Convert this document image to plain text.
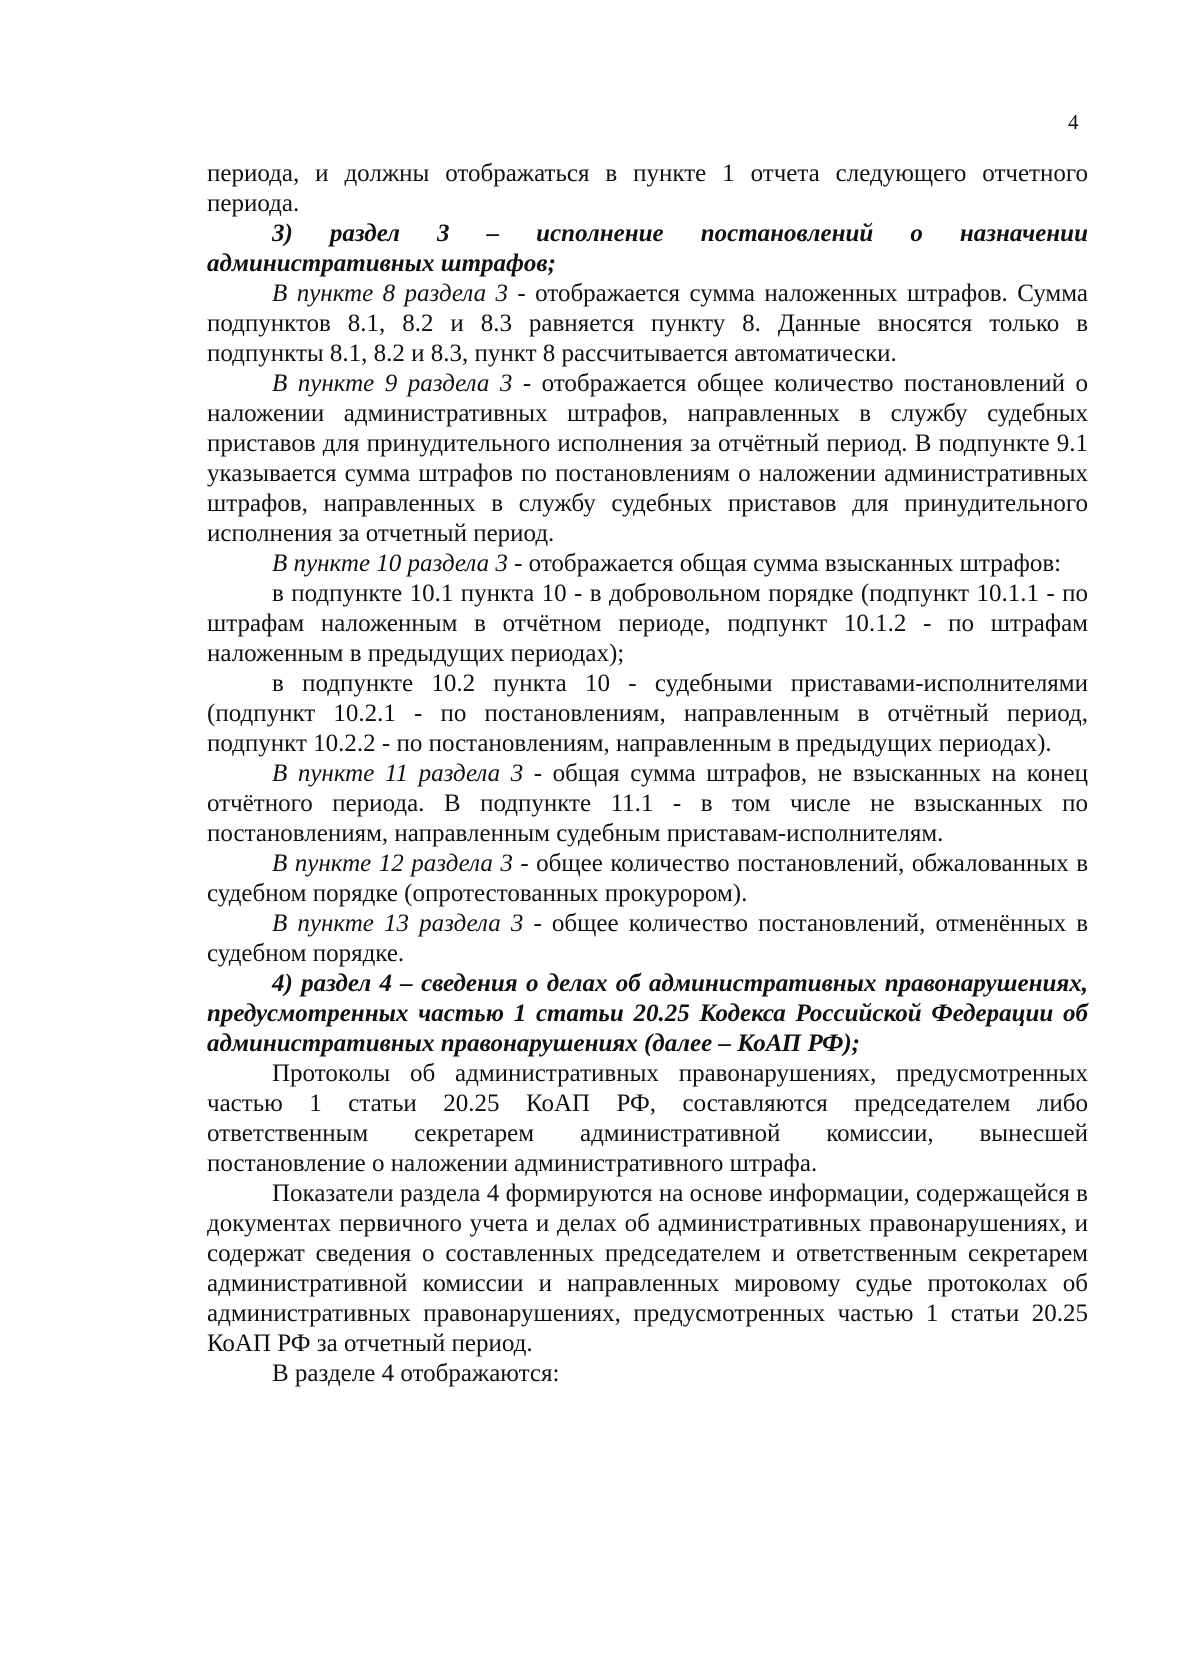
4

периода, и должны отображаться в пункте 1 отчета следующего отчетного периода.

3) раздел 3 – исполнение постановлений о назначении административных штрафов;

В пункте 8 раздела 3 - отображается сумма наложенных штрафов. Сумма подпунктов 8.1, 8.2 и 8.3 равняется пункту 8. Данные вносятся только в подпункты 8.1, 8.2 и 8.3, пункт 8 рассчитывается автоматически.

В пункте 9 раздела 3 - отображается общее количество постановлений о наложении административных штрафов, направленных в службу судебных приставов для принудительного исполнения за отчётный период. В подпункте 9.1 указывается сумма штрафов по постановлениям о наложении административных штрафов, направленных в службу судебных приставов для принудительного исполнения за отчетный период.

В пункте 10 раздела 3 - отображается общая сумма взысканных штрафов:

в подпункте 10.1 пункта 10 - в добровольном порядке (подпункт 10.1.1 - по штрафам наложенным в отчётном периоде, подпункт 10.1.2 - по штрафам наложенным в предыдущих периодах);

в подпункте 10.2 пункта 10 - судебными приставами-исполнителями (подпункт 10.2.1 - по постановлениям, направленным в отчётный период, подпункт 10.2.2 - по постановлениям, направленным в предыдущих периодах).

В пункте 11 раздела 3 - общая сумма штрафов, не взысканных на конец отчётного периода. В подпункте 11.1 - в том числе не взысканных по постановлениям, направленным судебным приставам-исполнителям.

В пункте 12 раздела 3 - общее количество постановлений, обжалованных в судебном порядке (опротестованных прокурором).

В пункте 13 раздела 3 - общее количество постановлений, отменённых в судебном порядке.

4) раздел 4 – сведения о делах об административных правонарушениях, предусмотренных частью 1 статьи 20.25 Кодекса Российской Федерации об административных правонарушениях (далее – КоАП РФ);

Протоколы об административных правонарушениях, предусмотренных частью 1 статьи 20.25 КоАП РФ, составляются председателем либо ответственным секретарем административной комиссии, вынесшей постановление о наложении административного штрафа.

Показатели раздела 4 формируются на основе информации, содержащейся в документах первичного учета и делах об административных правонарушениях, и содержат сведения о составленных председателем и ответственным секретарем административной комиссии и направленных мировому судье протоколах об административных правонарушениях, предусмотренных частью 1 статьи 20.25 КоАП РФ за отчетный период.

В разделе 4 отображаются:
